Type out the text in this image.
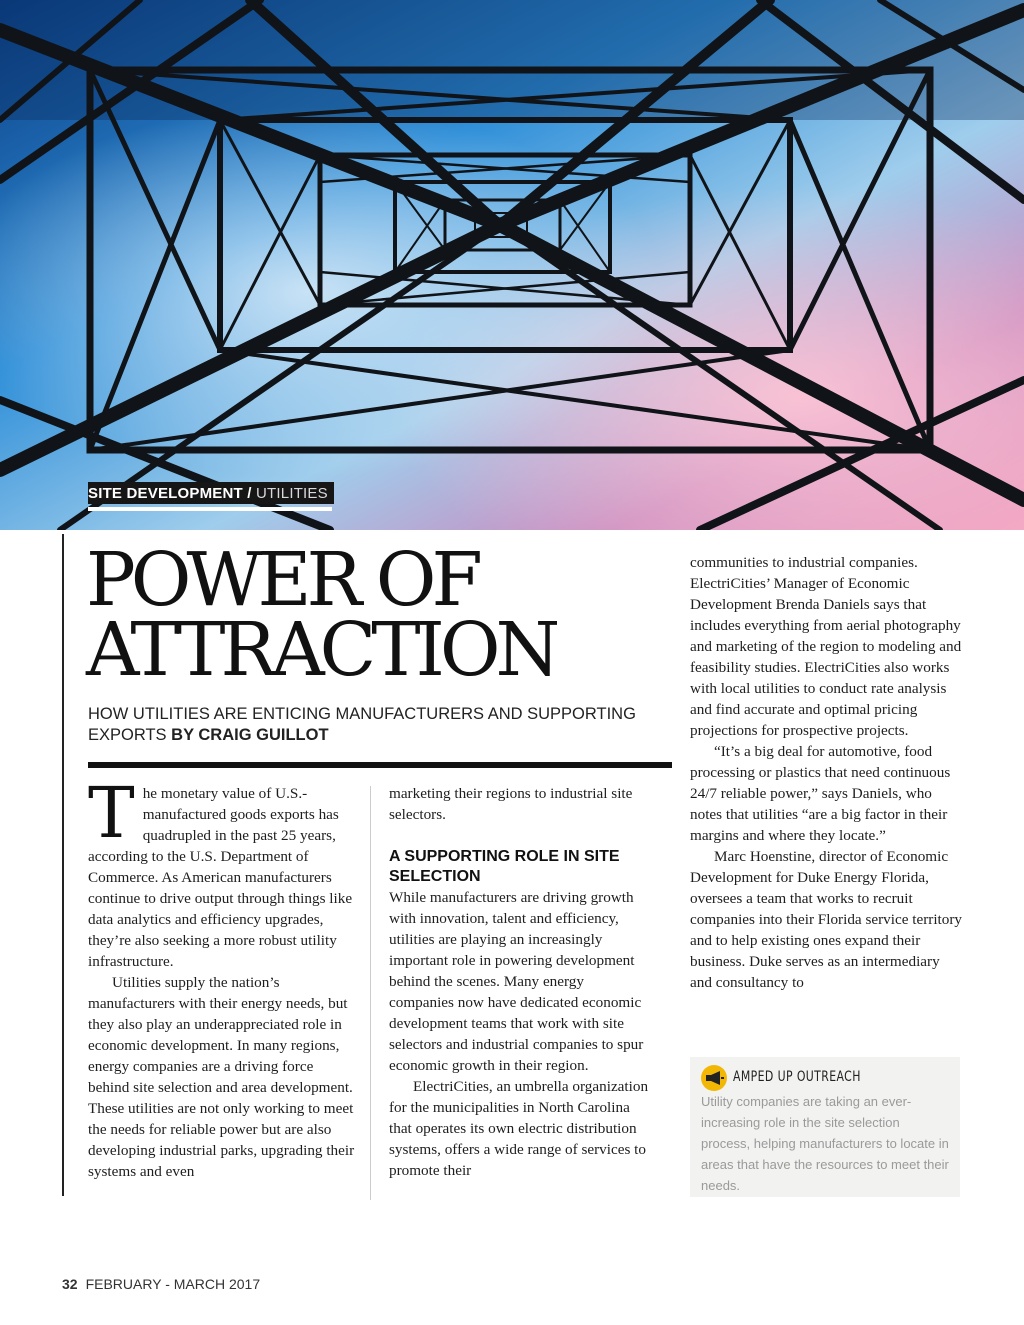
SITE DEVELOPMENT / UTILITIES
POWER OF
ATTRACTION
HOW UTILITIES ARE ENTICING MANUFACTURERS AND SUPPORTING EXPORTS BY CRAIG GUILLOT

The monetary value of U.S.-manufactured goods exports has quadrupled in the past 25 years, according to the U.S. Department of Commerce. As American manufacturers continue to drive output through things like data analytics and efficiency upgrades, they’re also seeking a more robust utility infrastructure.

Utilities supply the nation’s manufacturers with their energy needs, but they also play an underappreciated role in economic development. In many regions, energy companies are a driving force behind site selection and area development. These utilities are not only working to meet the needs for reliable power but are also developing industrial parks, upgrading their systems and even

marketing their regions to industrial site selectors.

A SUPPORTING ROLE IN SITE SELECTION

While manufacturers are driving growth with innovation, talent and efficiency, utilities are playing an increasingly important role in powering development behind the scenes. Many energy companies now have dedicated economic development teams that work with site selectors and industrial companies to spur economic growth in their region.

ElectriCities, an umbrella organization for the municipalities in North Carolina that operates its own electric distribution systems, offers a wide range of services to promote their

communities to industrial companies. ElectriCities’ Manager of Economic Development Brenda Daniels says that includes everything from aerial photography and marketing of the region to modeling and feasibility studies. ElectriCities also works with local utilities to conduct rate analysis and find accurate and optimal pricing projections for prospective projects.

“It’s a big deal for automotive, food processing or plastics that need continuous 24/7 reliable power,” says Daniels, who notes that utilities “are a big factor in their margins and where they locate.”

Marc Hoenstine, director of Economic Development for Duke Energy Florida, oversees a team that works to recruit companies into their Florida service territory and to help existing ones expand their business. Duke serves as an intermediary and consultancy to

AMPED UP OUTREACH
Utility companies are taking an ever-increasing role in the site selection process, helping manufacturers to locate in areas that have the resources to meet their needs.
32 FEBRUARY - MARCH 2017
